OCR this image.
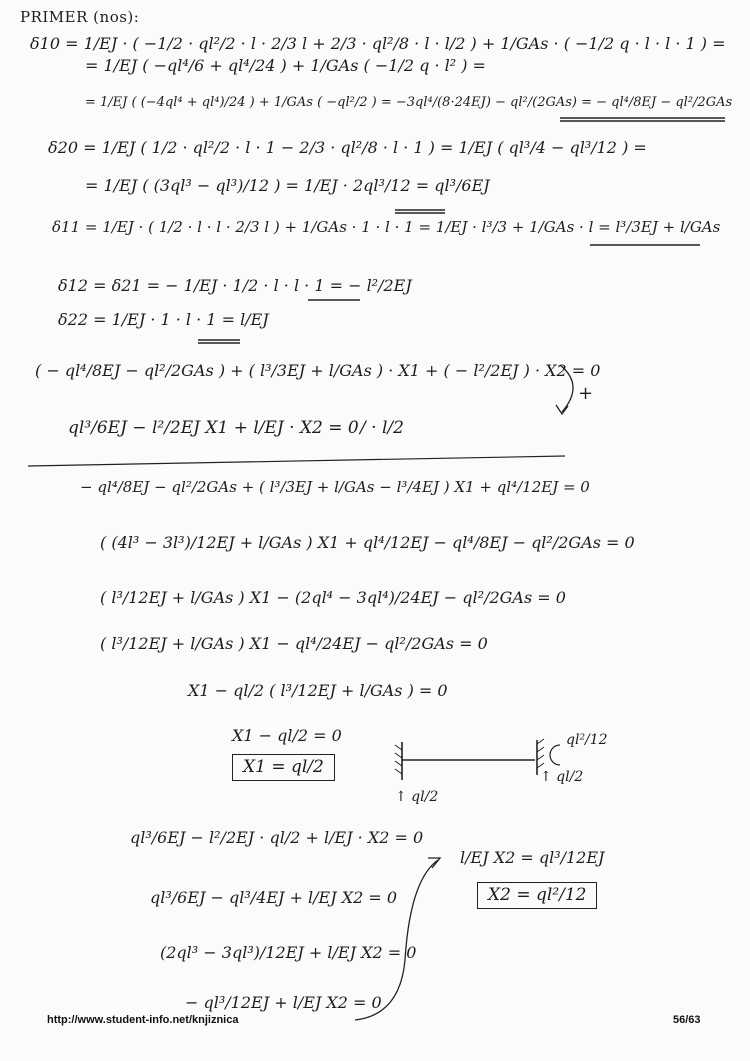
PRIMER (nos):
δ10 = 1/EJ · ( −1/2 · ql²/2 · l · 2/3 l + 2/3 · ql²/8 · l · l/2 ) + 1/GAs · ( −1/2 q · l · l · 1 ) =
= 1/EJ ( −ql⁴/6 + ql⁴/24 ) + 1/GAs ( −1/2 q · l² ) =
= 1/EJ ( (−4ql⁴ + ql⁴)/24 ) + 1/GAs ( −ql²/2 ) = −3ql⁴/(8·24EJ) − ql²/(2GAs) = − ql⁴/8EJ − ql²/2GAs
δ20 = 1/EJ ( 1/2 · ql²/2 · l · 1 − 2/3 · ql²/8 · l · 1 ) = 1/EJ ( ql³/4 − ql³/12 ) =
= 1/EJ ( (3ql³ − ql³)/12 ) = 1/EJ · 2ql³/12 = ql³/6EJ
δ11 = 1/EJ · ( 1/2 · l · l · 2/3 l ) + 1/GAs · 1 · l · 1 = 1/EJ · l³/3 + 1/GAs · l = l³/3EJ + l/GAs
δ12 = δ21 = − 1/EJ · 1/2 · l · l · 1 = − l²/2EJ
δ22 = 1/EJ · 1 · l · 1 = l/EJ
( − ql⁴/8EJ − ql²/2GAs ) + ( l³/3EJ + l/GAs ) · X1 + ( − l²/2EJ ) · X2 = 0
+
ql³/6EJ − l²/2EJ X1 + l/EJ · X2 = 0 / · l/2
− ql⁴/8EJ − ql²/2GAs + ( l³/3EJ + l/GAs − l³/4EJ ) X1 + ql⁴/12EJ = 0
( (4l³ − 3l³)/12EJ + l/GAs ) X1 + ql⁴/12EJ − ql⁴/8EJ − ql²/2GAs = 0
( l³/12EJ + l/GAs ) X1 − (2ql⁴ − 3ql⁴)/24EJ − ql²/2GAs = 0
( l³/12EJ + l/GAs ) X1 − ql⁴/24EJ − ql²/2GAs = 0
X1 − ql/2 ( l³/12EJ + l/GAs ) = 0
X1 − ql/2 = 0
X1 = ql/2
↑ ql/2
ql²/12
↑ ql/2
ql³/6EJ − l²/2EJ · ql/2 + l/EJ · X2 = 0
ql³/6EJ − ql³/4EJ + l/EJ X2 = 0
(2ql³ − 3ql³)/12EJ + l/EJ X2 = 0
− ql³/12EJ + l/EJ X2 = 0
l/EJ X2 = ql³/12EJ
X2 = ql²/12
http://www.student-info.net/knjiznica	56/63
